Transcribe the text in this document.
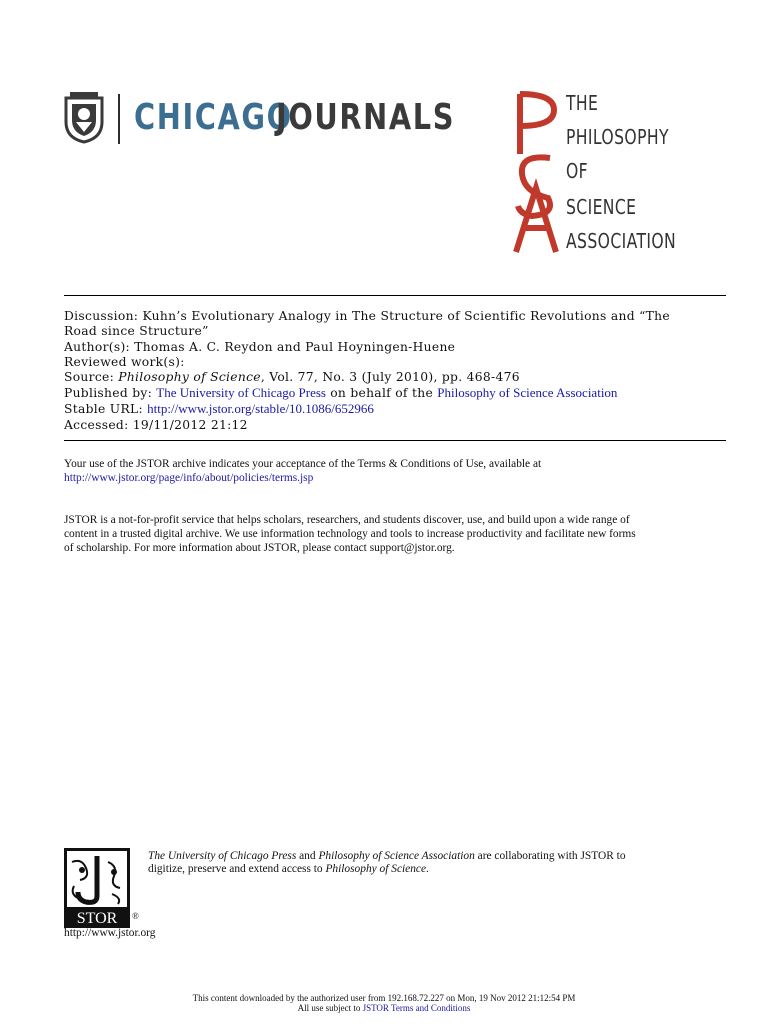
CHICAGO
JOURNALS	THE
PHILOSOPHY
OF
SCIENCE
ASSOCIATION
Discussion: Kuhn’s Evolutionary Analogy in The Structure of Scientific Revolutions and “The
Road since Structure”
Author(s): Thomas A. C. Reydon and Paul Hoyningen-Huene
Reviewed work(s):
Source: Philosophy of Science, Vol. 77, No. 3 (July 2010), pp. 468-476
Published by: The University of Chicago Press on behalf of the Philosophy of Science Association
Stable URL: http://www.jstor.org/stable/10.1086/652966
Accessed: 19/11/2012 21:12
Your use of the JSTOR archive indicates your acceptance of the Terms & Conditions of Use, available at
http://www.jstor.org/page/info/about/policies/terms.jsp
JSTOR is a not-for-profit service that helps scholars, researchers, and students discover, use, and build upon a wide range of
content in a trusted digital archive. We use information technology and tools to increase productivity and facilitate new forms
of scholarship. For more information about JSTOR, please contact support@jstor.org.
STOR ®
The University of Chicago Press and Philosophy of Science Association are collaborating with JSTOR to
digitize, preserve and extend access to Philosophy of Science.
http://www.jstor.org
This content downloaded by the authorized user from 192.168.72.227 on Mon, 19 Nov 2012 21:12:54 PM
All use subject to JSTOR Terms and Conditions
